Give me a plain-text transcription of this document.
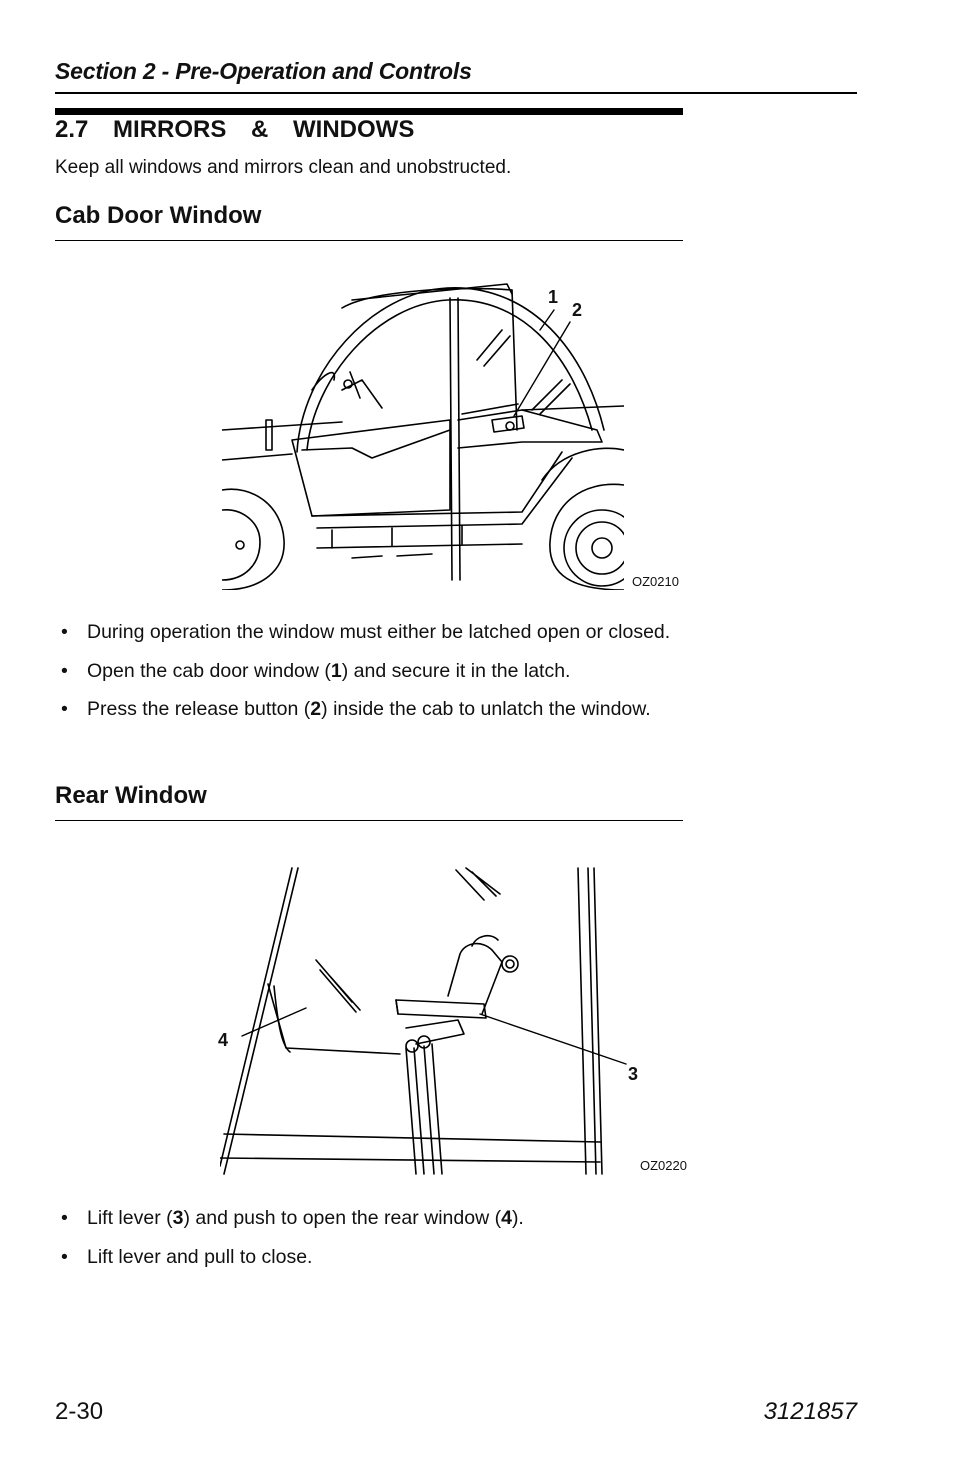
Section 2 - Pre-Operation and Controls
2.7 MIRRORS & WINDOWS
Keep all windows and mirrors clean and unobstructed.
Cab Door Window
1
2
OZ0210
• During operation the window must either be latched open or closed.
• Open the cab door window (1) and secure it in the latch.
• Press the release button (2) inside the cab to unlatch the window.
Rear Window
4
3
OZ0220
• Lift lever (3) and push to open the rear window (4).
• Lift lever and pull to close.
2-30	3121857
